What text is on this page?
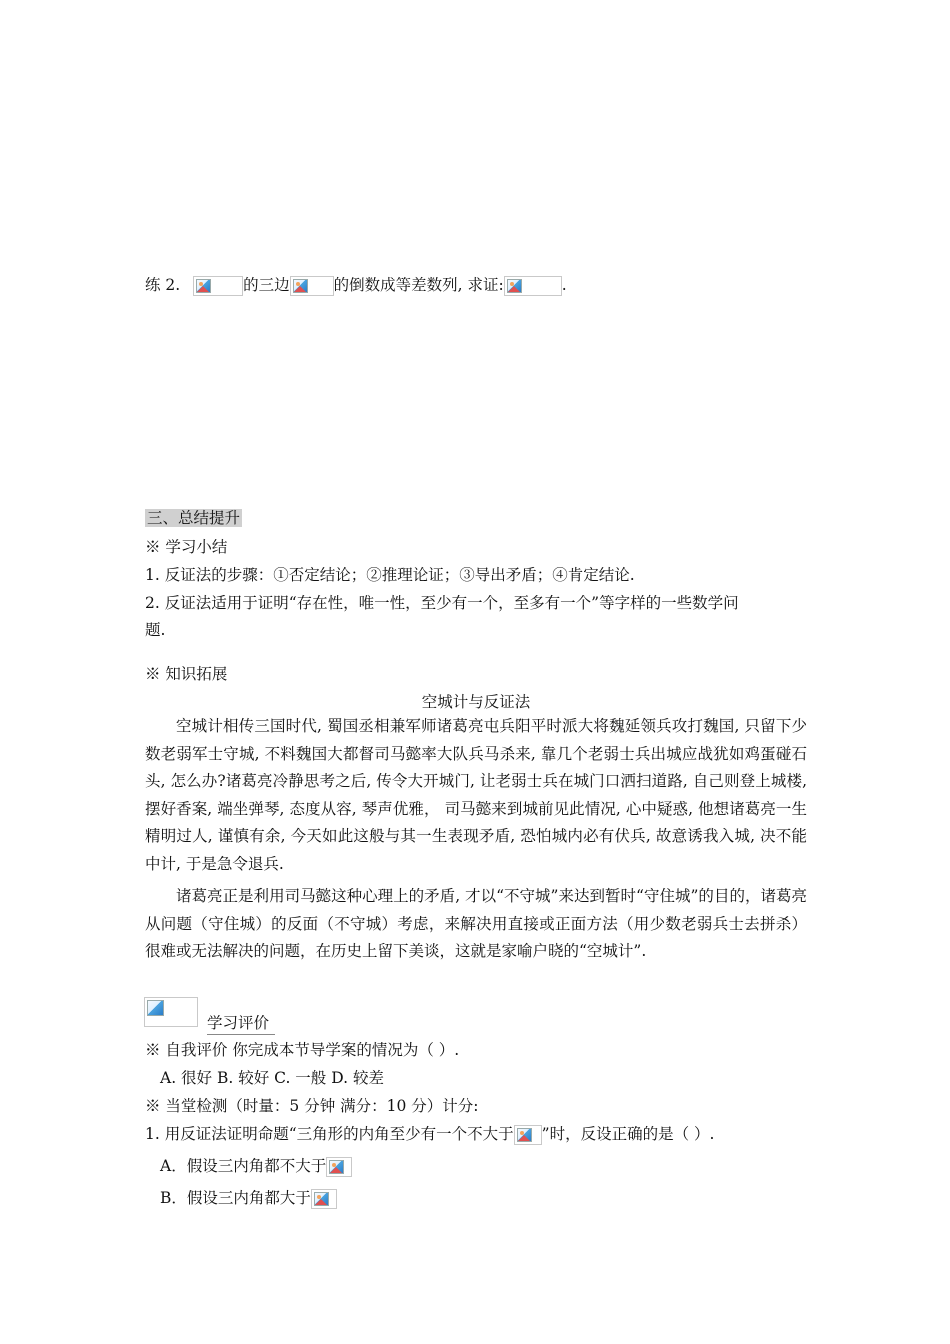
练 2.	的三边	的倒数成等差数列, 求证:	.
三、总结提升
※ 学习小结
1. 反证法的步骤：①否定结论；②推理论证；③导出矛盾；④肯定结论.
2. 反证法适用于证明“存在性，唯一性，至少有一个，至多有一个”等字样的一些数学问
题.
※ 知识拓展
空城计与反证法
空城计相传三国时代, 蜀国丞相兼军师诸葛亮屯兵阳平时派大将魏延领兵攻打魏国, 只留下少数老弱军士守城, 不料魏国大都督司马懿率大队兵马杀来, 靠几个老弱士兵出城应战犹如鸡蛋碰石头, 怎么办?诸葛亮冷静思考之后, 传令大开城门, 让老弱士兵在城门口洒扫道路, 自己则登上城楼, 摆好香案, 端坐弹琴, 态度从容, 琴声优雅， 司马懿来到城前见此情况, 心中疑惑, 他想诸葛亮一生精明过人, 谨慎有余, 今天如此这般与其一生表现矛盾, 恐怕城内必有伏兵, 故意诱我入城, 决不能中计, 于是急令退兵.
诸葛亮正是利用司马懿这种心理上的矛盾, 才以“不守城”来达到暂时“守住城”的目的，诸葛亮从问题（守住城）的反面（不守城）考虑，来解决用直接或正面方法（用少数老弱兵士去拼杀）很难或无法解决的问题，在历史上留下美谈，这就是家喻户晓的“空城计”.
学习评价
※ 自我评价 你完成本节导学案的情况为（ ）.
A. 很好 B. 较好 C. 一般 D. 较差
※ 当堂检测（时量：5 分钟 满分：10 分）计分:
1. 用反证法证明命题“三角形的内角至少有一个不大于 ”时，反设正确的是（ ）.
A．假设三内角都不大于
B．假设三内角都大于
